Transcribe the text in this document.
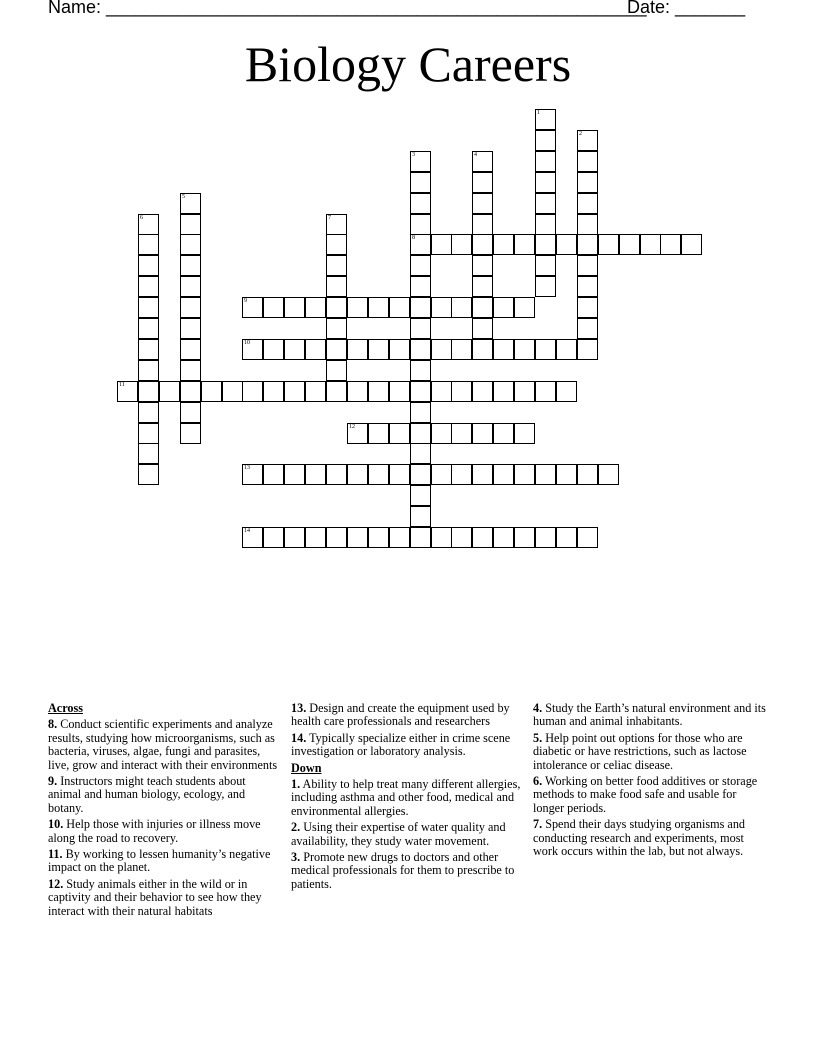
Name: ______________________________________________________
Date: _______
Biology Careers
1
2
3
8
4
5
6	7
9
10
11
12
13
14
Across
8. Conduct scientific experiments and analyze results, studying how microorganisms, such as bacteria, viruses, algae, fungi and parasites, live, grow and interact with their environments
9. Instructors might teach students about animal and human biology, ecology, and botany.
10. Help those with injuries or illness move along the road to recovery.
11. By working to lessen humanity’s negative impact on the planet.
12. Study animals either in the wild or in captivity and their behavior to see how they interact with their natural habitats
13. Design and create the equipment used by health care professionals and researchers
14. Typically specialize either in crime scene investigation or laboratory analysis.
Down
1. Ability to help treat many different allergies, including asthma and other food, medical and environmental allergies.
2. Using their expertise of water quality and availability, they study water movement.
3. Promote new drugs to doctors and other medical professionals for them to prescribe to patients.
4. Study the Earth’s natural environment and its human and animal inhabitants.
5. Help point out options for those who are diabetic or have restrictions, such as lactose intolerance or celiac disease.
6. Working on better food additives or storage methods to make food safe and usable for longer periods.
7. Spend their days studying organisms and conducting research and experiments, most work occurs within the lab, but not always.
